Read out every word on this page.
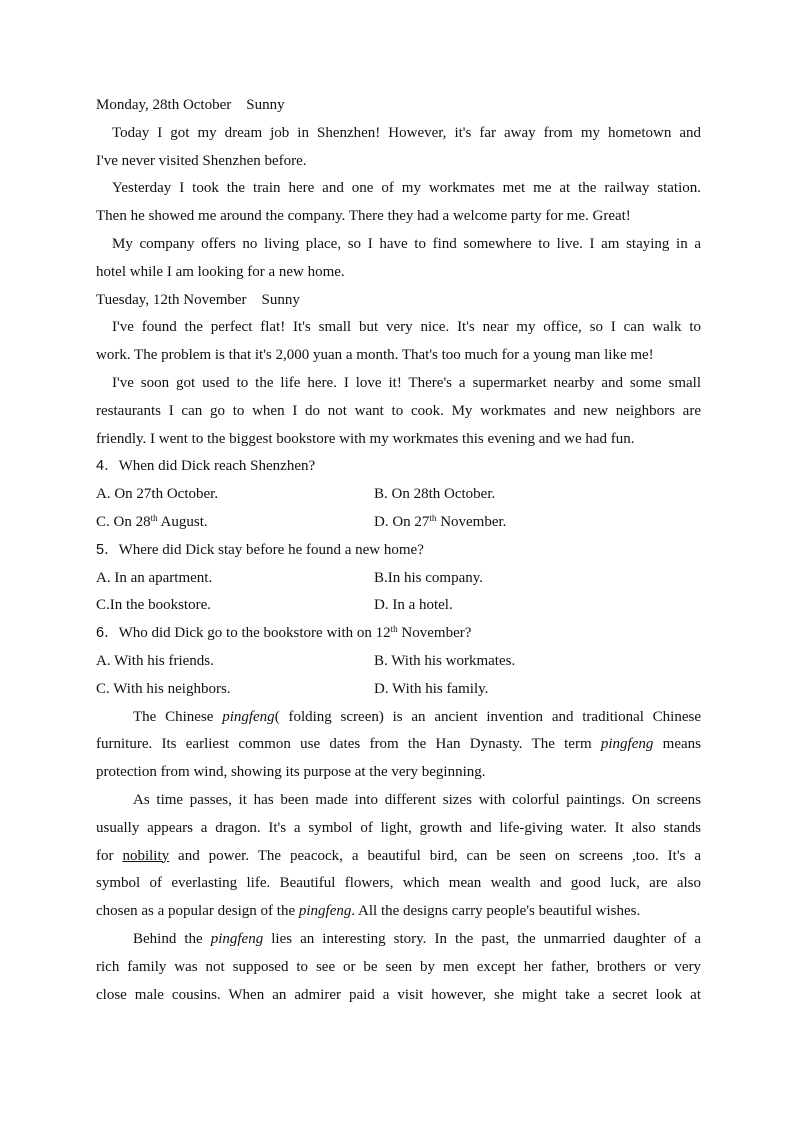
Monday, 28th October    Sunny
Today I got my dream job in Shenzhen! However, it's far away from my hometown and
I've never visited Shenzhen before.
Yesterday I took the train here and one of my workmates met me at the railway station.
Then he showed me around the company. There they had a welcome party for me. Great!
My company offers no living place, so I have to find somewhere to live. I am staying in a
hotel while I am looking for a new home.
Tuesday, 12th November    Sunny
I've found the perfect flat! It's small but very nice. It's near my office, so I can walk to
work. The problem is that it's 2,000 yuan a month. That's too much for a young man like me!
I've soon got used to the life here. I love it! There's a supermarket nearby and some small
restaurants I can go to when I do not want to cook. My workmates and new neighbors are
friendly. I went to the biggest bookstore with my workmates this evening and we had fun.
4．When did Dick reach Shenzhen?
A. On 27th October.	B. On 28th October.
C. On 28th August.	D. On 27th November.
5．Where did Dick stay before he found a new home?
A. In an apartment.	B.In his company.
C.In the bookstore.	D. In a hotel.
6．Who did Dick go to the bookstore with on 12th November?
A. With his friends.	B. With his workmates.
C. With his neighbors.	D. With his family.
The Chinese pingfeng( folding screen) is an ancient invention and traditional Chinese
furniture. Its earliest common use dates from the Han Dynasty. The term pingfeng means
protection from wind, showing its purpose at the very beginning.
As time passes, it has been made into different sizes with colorful paintings. On screens
usually appears a dragon. It's a symbol of light, growth and life-giving water. It also stands
for nobility and power. The peacock, a beautiful bird, can be seen on screens ,too. It's a
symbol of everlasting life. Beautiful flowers, which mean wealth and good luck, are also
chosen as a popular design of the pingfeng. All the designs carry people's beautiful wishes.
Behind the pingfeng lies an interesting story. In the past, the unmarried daughter of a
rich family was not supposed to see or be seen by men except her father, brothers or very
close male cousins. When an admirer paid a visit however, she might take a secret look at
